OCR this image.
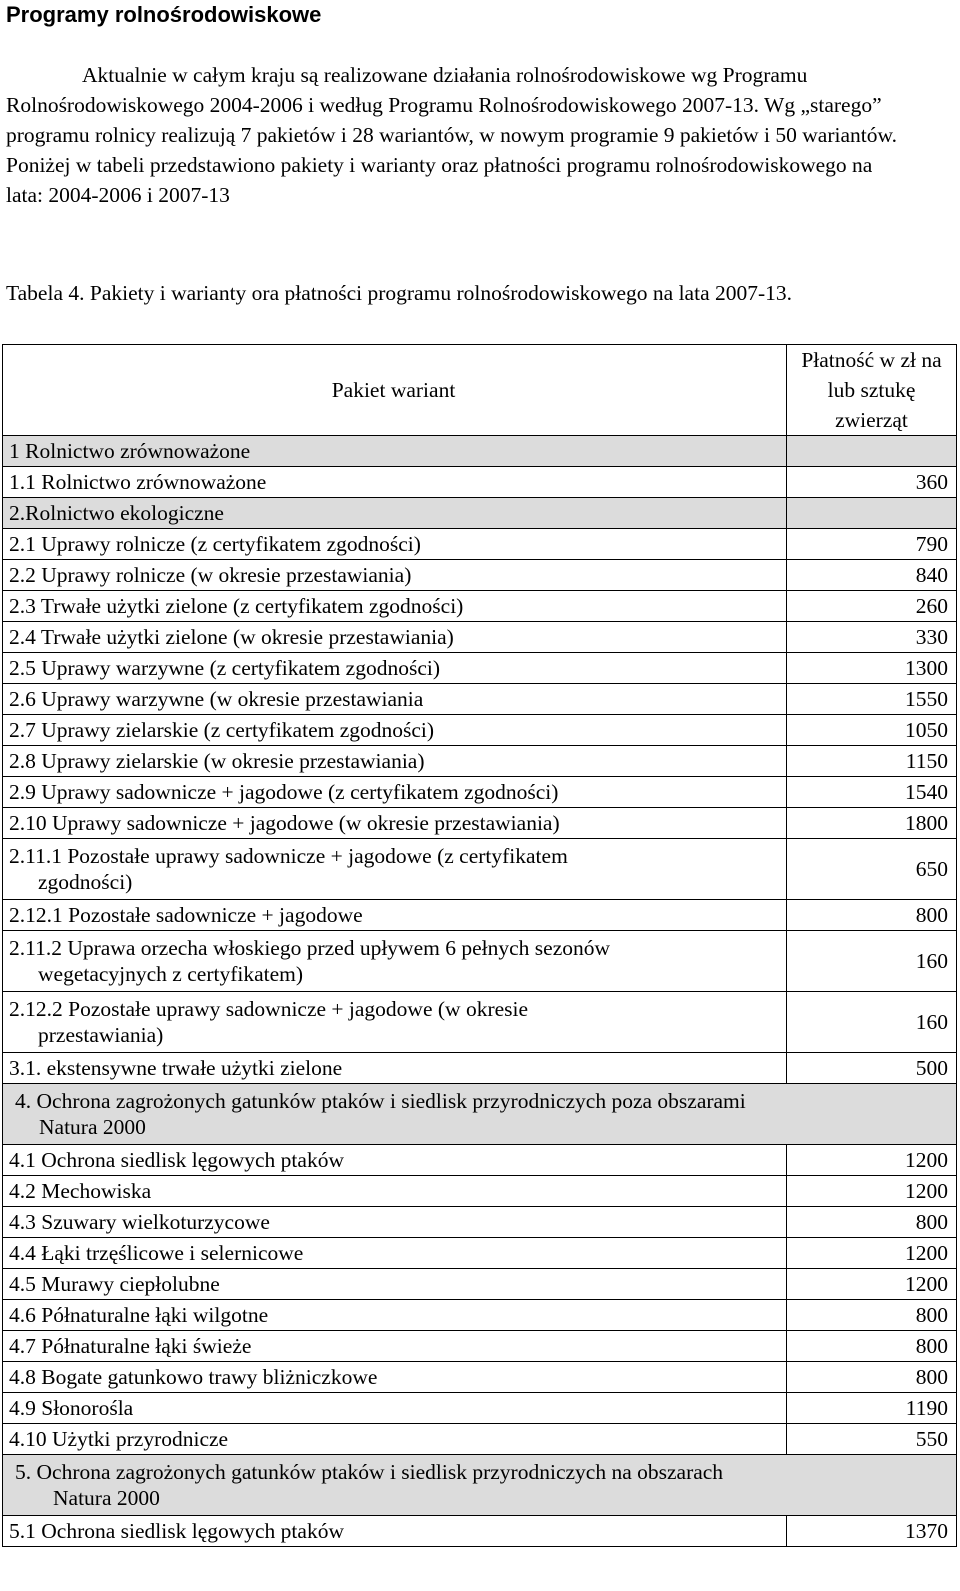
Programy rolnośrodowiskowe

Aktualnie w całym kraju są realizowane działania rolnośrodowiskowe wg Programu Rolnośrodowiskowego 2004-2006 i według Programu Rolnośrodowiskowego 2007-13. Wg „starego” programu rolnicy realizują 7 pakietów i 28 wariantów, w nowym programie 9 pakietów i 50 wariantów. Poniżej w tabeli przedstawiono pakiety i warianty oraz płatności programu rolnośrodowiskowego na lata: 2004-2006 i 2007-13

Tabela 4. Pakiety i warianty ora płatności programu rolnośrodowiskowego na lata 2007-13.

Pakiet wariant	Płatność w zł na lub sztukę zwierząt
1 Rolnictwo zrównoważone	
1.1 Rolnictwo zrównoważone	360
2.Rolnictwo ekologiczne	
2.1 Uprawy rolnicze (z certyfikatem zgodności)	790
2.2 Uprawy rolnicze (w okresie przestawiania)	840
2.3 Trwałe użytki zielone (z certyfikatem zgodności)	260
2.4 Trwałe użytki zielone (w okresie przestawiania)	330
2.5 Uprawy warzywne (z certyfikatem zgodności)	1300
2.6 Uprawy warzywne (w okresie przestawiania	1550
2.7 Uprawy zielarskie (z certyfikatem zgodności)	1050
2.8 Uprawy zielarskie (w okresie przestawiania)	1150
2.9 Uprawy sadownicze + jagodowe (z certyfikatem zgodności)	1540
2.10 Uprawy sadownicze + jagodowe (w okresie przestawiania)	1800
2.11.1 Pozostałe uprawy sadownicze + jagodowe (z certyfikatem
zgodności)	650
2.12.1 Pozostałe sadownicze + jagodowe	800
2.11.2 Uprawa orzecha włoskiego przed upływem 6 pełnych sezonów
wegetacyjnych z certyfikatem)	160
2.12.2 Pozostałe uprawy sadownicze + jagodowe (w okresie
przestawiania)	160
3.1. ekstensywne trwałe użytki zielone	500
4. Ochrona zagrożonych gatunków ptaków i siedlisk przyrodniczych poza obszarami
Natura 2000	

4.1 Ochrona siedlisk lęgowych ptaków	1200
4.2 Mechowiska	1200
4.3 Szuwary wielkoturzycowe	800
4.4 Łąki trzęślicowe i selernicowe	1200
4.5 Murawy ciepłolubne	1200
4.6 Półnaturalne łąki wilgotne	800
4.7 Półnaturalne łąki świeże	800
4.8 Bogate gatunkowo trawy bliżniczkowe	800
4.9 Słonorośla	1190
4.10 Użytki przyrodnicze	550
5. Ochrona zagrożonych gatunków ptaków i siedlisk przyrodniczych na obszarach
Natura 2000	

5.1 Ochrona siedlisk lęgowych ptaków	1370
